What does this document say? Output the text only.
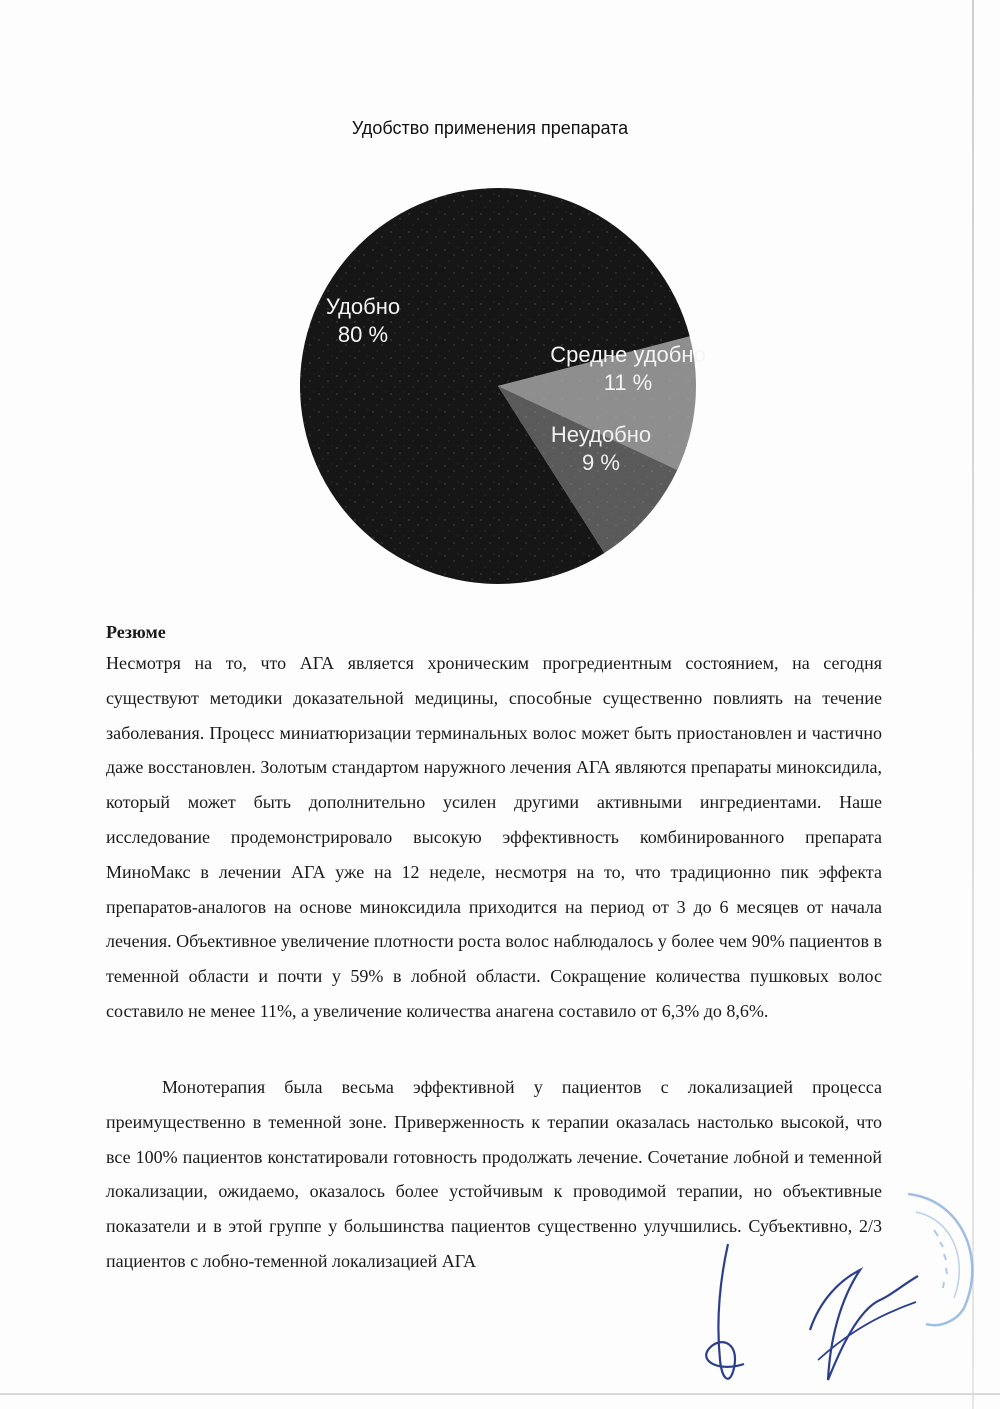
Удобство применения препарата
Удобно
80 %
Средне удобно
11 %
Неудобно
9 %
Резюме
Несмотря на то, что АГА является хроническим прогредиентным состоянием, на сегодня существуют методики доказательной медицины, способные существенно повлиять на течение заболевания. Процесс миниатюризации терминальных волос может быть приостановлен и частично даже восстановлен. Золотым стандартом наружного лечения АГА являются препараты миноксидила, который может быть дополнительно усилен другими активными ингредиентами. Наше исследование продемонстрировало высокую эффективность комбинированного препарата МиноМакс в лечении АГА уже на 12 неделе, несмотря на то, что традиционно пик эффекта препаратов-аналогов на основе миноксидила приходится на период от 3 до 6 месяцев от начала лечения. Объективное увеличение плотности роста волос наблюдалось у более чем 90% пациентов в теменной области и почти у 59% в лобной области. Сокращение количества пушковых волос составило не менее 11%, а увеличение количества анагена составило от 6,3% до 8,6%.
Монотерапия была весьма эффективной у пациентов с локализацией процесса преимущественно в теменной зоне. Приверженность к терапии оказалась настолько высокой, что все 100% пациентов констатировали готовность продолжать лечение. Сочетание лобной и теменной локализации, ожидаемо, оказалось более устойчивым к проводимой терапии, но объективные показатели и в этой группе у большинства пациентов существенно улучшились. Субъективно, 2/3 пациентов с лобно-теменной локализацией АГА
